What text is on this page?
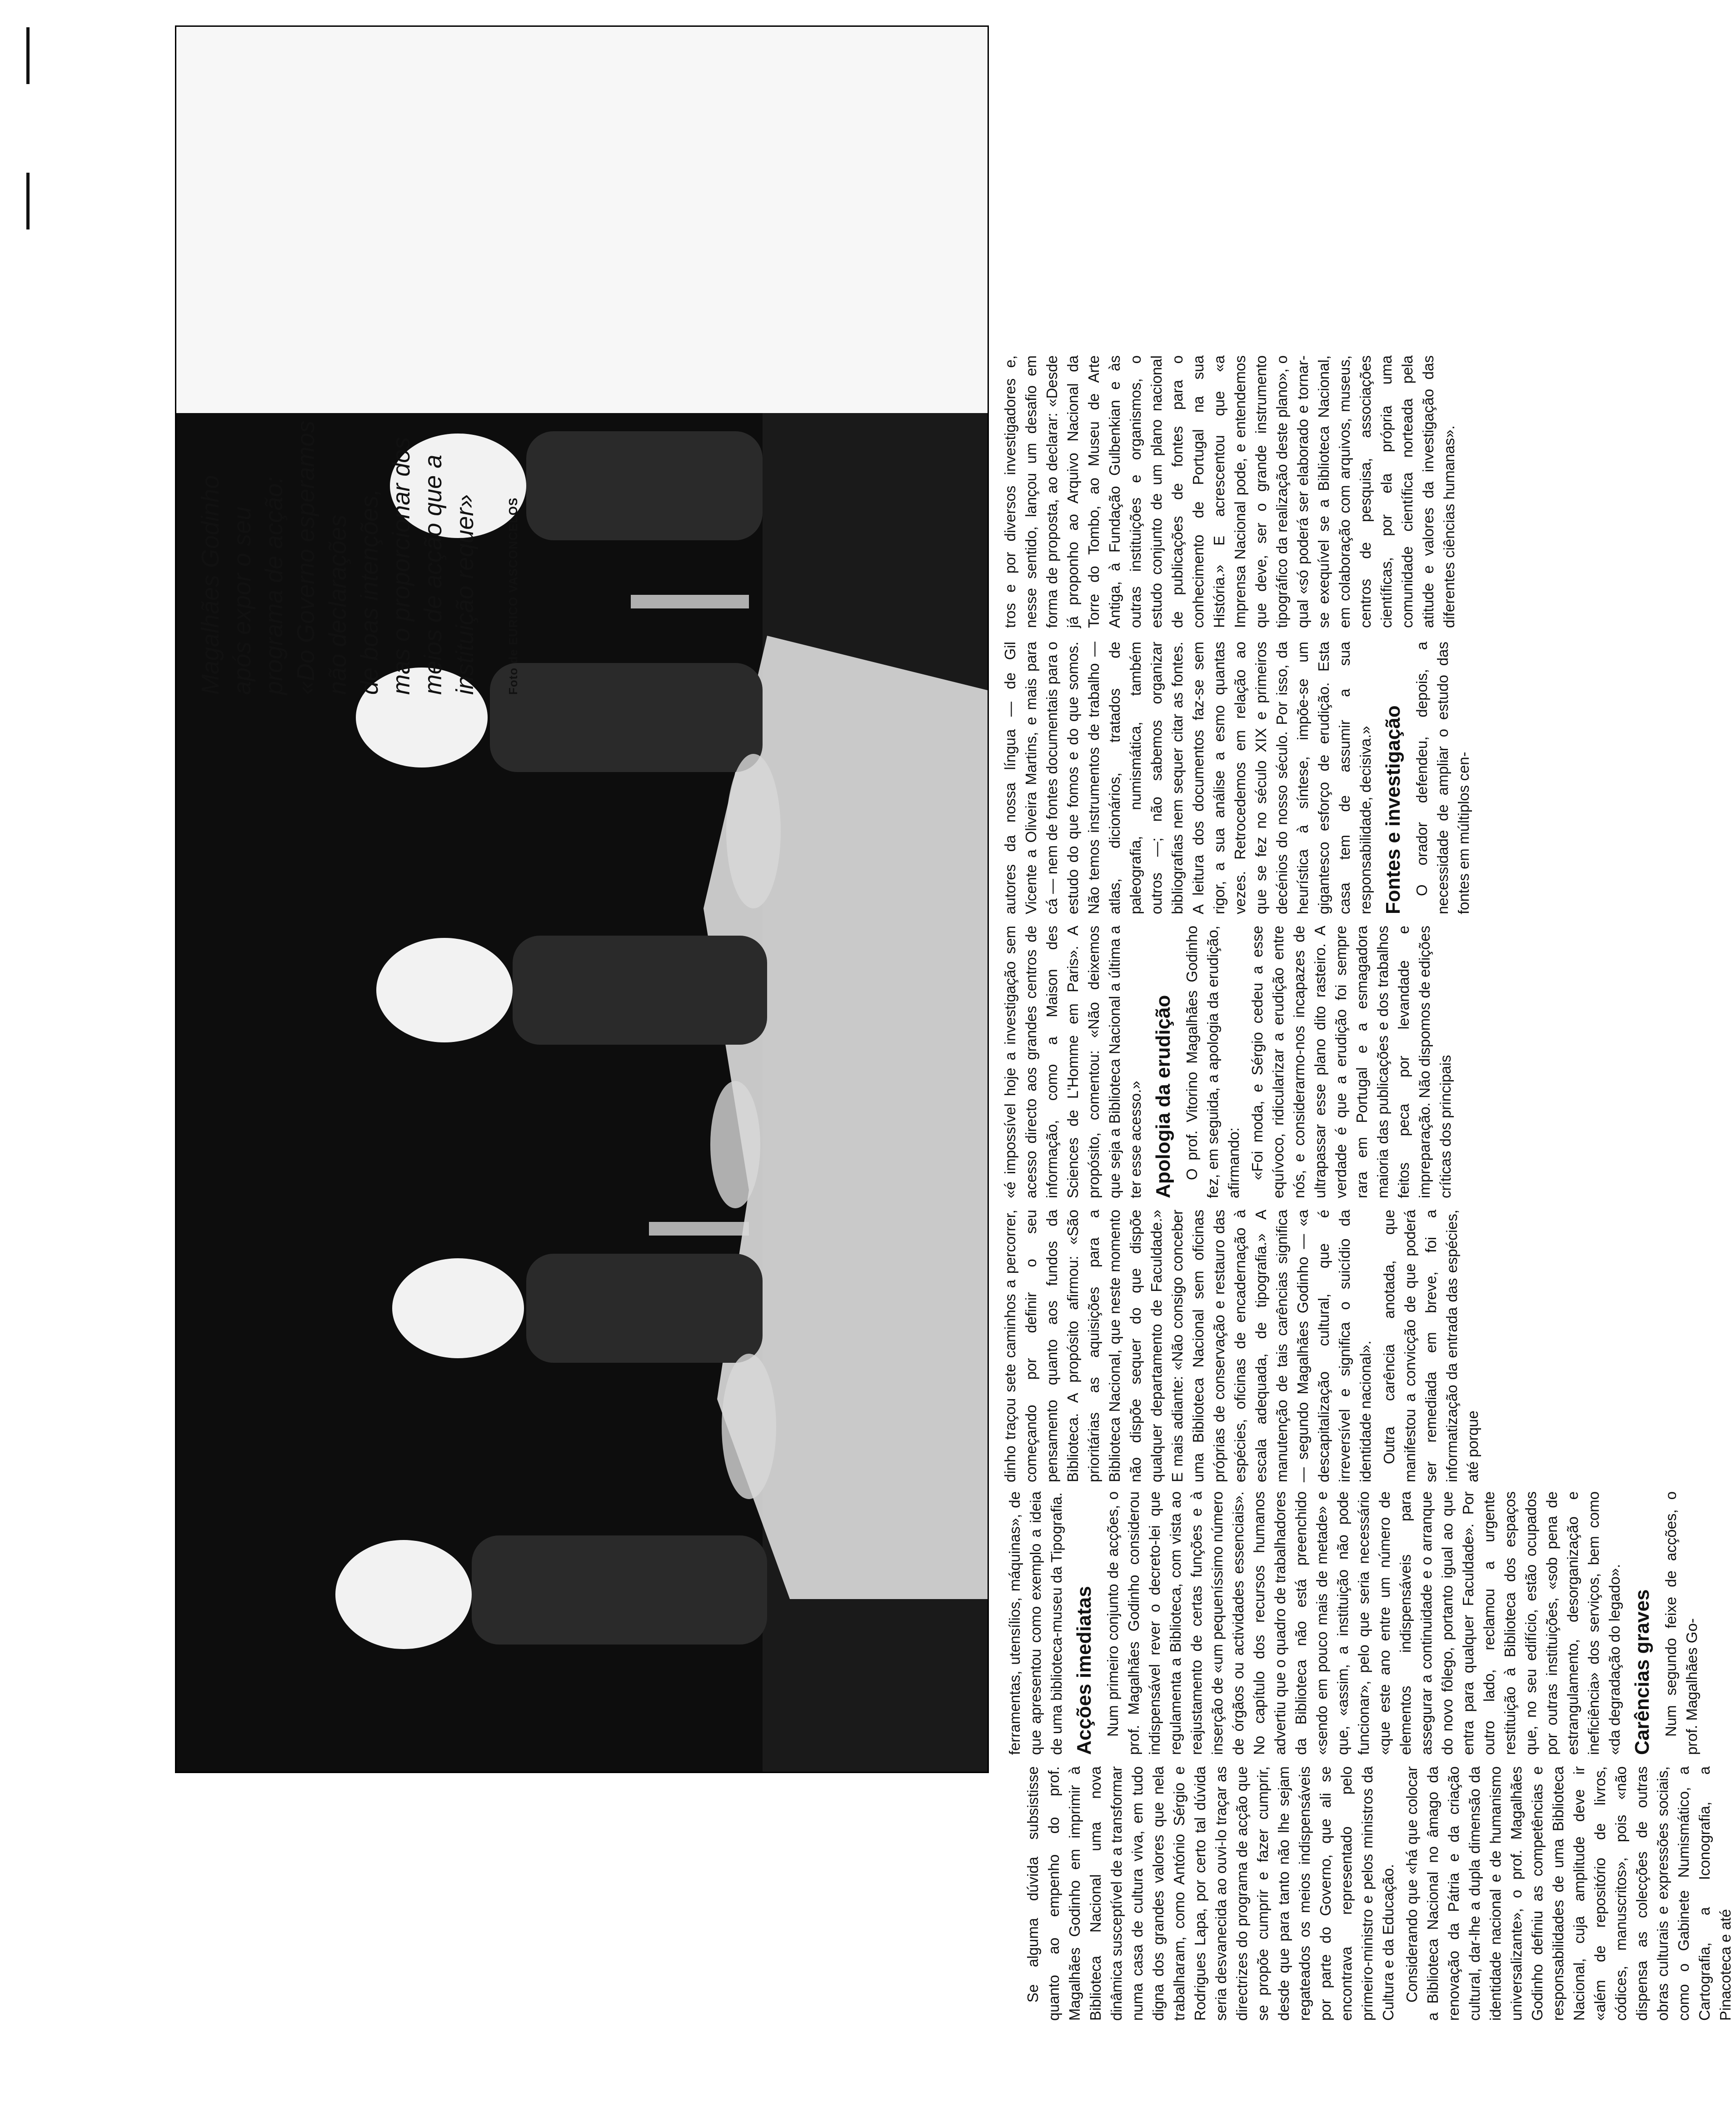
Magalhães Godinho após expor o seu programa de acção: «Do Governo esperamos não declarações de boas intenções, mas o proporcionar dos meios de acção que a instituição requer»	Foto de EURICO VASCONCELOS

Se alguma dúvida subsistisse quanto ao empenho do prof. Magalhães Godinho em imprimir à Biblioteca Nacional uma nova dinâmica susceptível de a transformar numa casa de cultura viva, em tudo digna dos grandes valores que nela trabalharam, como António Sérgio e Rodrigues Lapa, por certo tal dúvida seria desvanecida ao ouvi-lo traçar as directrizes do programa de acção que se propõe cumprir e fazer cumprir, desde que para tanto não lhe sejam regateados os meios indispensáveis por parte do Governo, que ali se encontrava representado pelo primeiro-ministro e pelos ministros da Cultura e da Educação. Considerando que «há que colocar a Biblioteca Nacional no âmago da renovação da Pátria e da criação cultural, dar-lhe a dupla dimensão da identidade nacional e de humanismo universalizante», o prof. Magalhães Godinho definiu as competências e responsabilidades de uma Biblioteca Nacional, cuja amplitude deve ir «além de repositório de livros, códices, manuscritos», pois «não dispensa as colecções de outras obras culturais e expressões sociais, como o Gabinete Numismático, a Cartografia, a Iconografia, a Pinacoteca e até

ferramentas, utensílios, máquinas», de que apresentou como exemplo a ideia de uma biblioteca-museu da Tipografia. Acções imediatas Num primeiro conjunto de acções, o prof. Magalhães Godinho considerou indispensável rever o decreto-lei que regulamenta a Biblioteca, com vista ao reajustamento de certas funções e à inserção de «um pequeníssimo número de órgãos ou actividades essenciais». No capítulo dos recursos humanos advertiu que o quadro de trabalhadores da Biblioteca não está preenchido «sendo em pouco mais de metade» e que, «assim, a instituição não pode funcionar», pelo que seria necessário «que este ano entre um número de elementos indispensáveis para assegurar a continuidade e o arranque do novo fôlego, portanto igual ao que entra para qualquer Faculdade». Por outro lado, reclamou a urgente restituição à Biblioteca dos espaços que, no seu edifício, estão ocupados por outras instituições, «sob pena de estrangulamento, desorganização e ineficiência» dos serviços, bem como «da degradação do legado». Carências graves Num segundo feixe de acções, o prof. Magalhães Go-

dinho traçou sete caminhos a percorrer, começando por definir o seu pensamento quanto aos fundos da Biblioteca. A propósito afirmou: «São prioritárias as aquisições para a Biblioteca Nacional, que neste momento não dispõe sequer do que dispõe qualquer departamento de Faculdade.» E mais adiante: «Não consigo conceber uma Biblioteca Nacional sem oficinas próprias de conservação e restauro das espécies, oficinas de encadernação à escala adequada, de tipografia.» A manutenção de tais carências significa — segundo Magalhães Godinho — «a descapitalização cultural, que é irreversível e significa o suicídio da identidade nacional». Outra carência anotada, que manifestou a convicção de que poderá ser remediada em breve, foi a informatização da entrada das espécies, até porque

«é impossível hoje a investigação sem acesso directo aos grandes centros de informação, como a Maison des Sciences de L'Homme em Paris». A propósito, comentou: «Não deixemos que seja a Biblioteca Nacional a última a ter esse acesso.» Apologia da erudição O prof. Vitorino Magalhães Godinho fez, em seguida, a apologia da erudição, afirmando: «Foi moda, e Sérgio cedeu a esse equívoco, ridicularizar a erudição entre nós, e considerarmo-nos incapazes de ultrapassar esse plano dito rasteiro. A verdade é que a erudição foi sempre rara em Portugal e a esmagadora maioria das publicações e dos trabalhos feitos peca por levandade e impreparação. Não dispomos de edições críticas dos principais

autores da nossa língua — de Gil Vicente a Oliveira Martins, e mais para cá — nem de fontes documentais para o estudo do que fomos e do que somos. Não temos instrumentos de trabalho — atlas, dicionários, tratados de paleografia, numismática, também outros —; não sabemos organizar bibliografias nem sequer citar as fontes. A leitura dos documentos faz-se sem rigor, a sua análise a esmo quantas vezes. Retrocedemos em relação ao que se fez no século XIX e primeiros decénios do nosso século. Por isso, da heurística à síntese, impõe-se um gigantesco esforço de erudição. Esta casa tem de assumir a sua responsabilidade, decisiva.» Fontes e investigação O orador defendeu, depois, a necessidade de ampliar o estudo das fontes em múltiplos cen-

tros e por diversos investigadores e, nesse sentido, lançou um desafio em forma de proposta, ao declarar: «Desde já proponho ao Arquivo Nacional da Torre do Tombo, ao Museu de Arte Antiga, à Fundação Gulbenkian e às outras instituições e organismos, o estudo conjunto de um plano nacional de publicações de fontes para o conhecimento de Portugal na sua História.» E acrescentou que «a Imprensa Nacional pode, e entendemos que deve, ser o grande instrumento tipográfico da realização deste plano», o qual «só poderá ser elaborado e tornar-se exequível se a Biblioteca Nacional, em colaboração com arquivos, museus, centros de pesquisa, associações científicas, por ela própria uma comunidade científica norteada pela atitude e valores da investigação das diferentes ciências humanas».
